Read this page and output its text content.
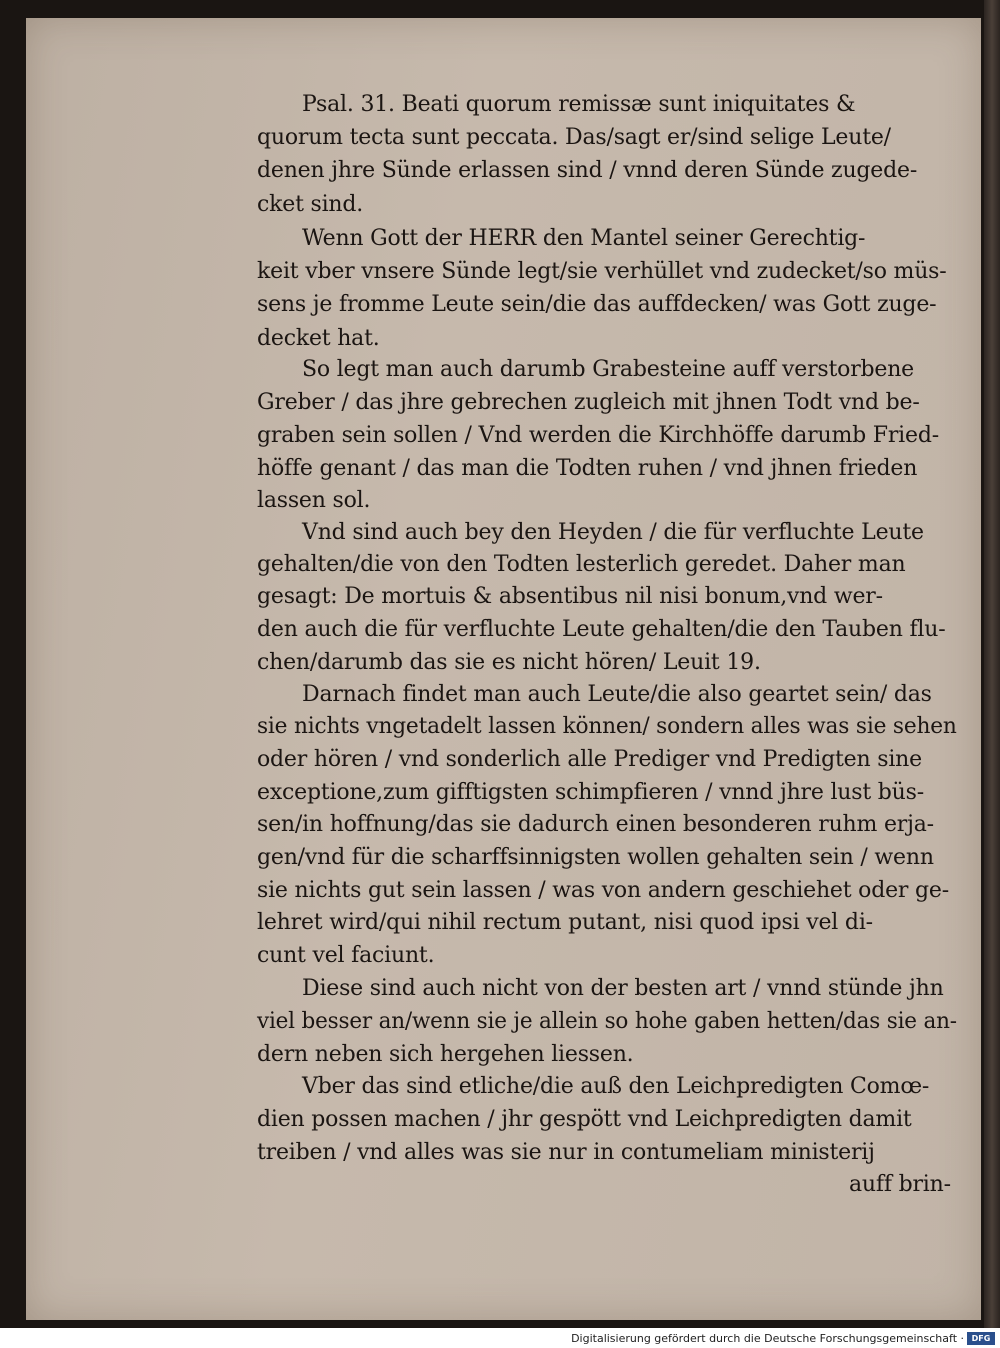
Psal. 31. Beati quorum remissæ sunt iniquitates &
quorum tecta sunt peccata. Das/sagt er/sind selige Leute/
denen jhre Sünde erlassen sind / vnnd deren Sünde zugede-
cket sind.
Wenn Gott der HERR den Mantel seiner Gerechtig-
keit vber vnsere Sünde legt/sie verhüllet vnd zudecket/so müs-
sens je fromme Leute sein/die das auffdecken/ was Gott zuge-
decket hat.
So legt man auch darumb Grabesteine auff verstorbene
Greber / das jhre gebrechen zugleich mit jhnen Todt vnd be-
graben sein sollen / Vnd werden die Kirchhöffe darumb Fried-
höffe genant / das man die Todten ruhen / vnd jhnen frieden
lassen sol.
Vnd sind auch bey den Heyden / die für verfluchte Leute
gehalten/die von den Todten lesterlich geredet. Daher man
gesagt: De mortuis & absentibus nil nisi bonum,vnd wer-
den auch die für verfluchte Leute gehalten/die den Tauben flu-
chen/darumb das sie es nicht hören/ Leuit 19.
Darnach findet man auch Leute/die also geartet sein/ das
sie nichts vngetadelt lassen können/ sondern alles was sie sehen
oder hören / vnd sonderlich alle Prediger vnd Predigten sine
exceptione,zum gifftigsten schimpfieren / vnnd jhre lust büs-
sen/in hoffnung/das sie dadurch einen besonderen ruhm erja-
gen/vnd für die scharffsinnigsten wollen gehalten sein / wenn
sie nichts gut sein lassen / was von andern geschiehet oder ge-
lehret wird/qui nihil rectum putant, nisi quod ipsi vel di-
cunt vel faciunt.
Diese sind auch nicht von der besten art / vnnd stünde jhn
viel besser an/wenn sie je allein so hohe gaben hetten/das sie an-
dern neben sich hergehen liessen.
Vber das sind etliche/die auß den Leichpredigten Comœ-
dien possen machen / jhr gespött vnd Leichpredigten damit
treiben / vnd alles was sie nur in contumeliam ministerij
auff brin-
Digitalisierung gefördert durch die Deutsche Forschungsgemeinschaft · DFG
